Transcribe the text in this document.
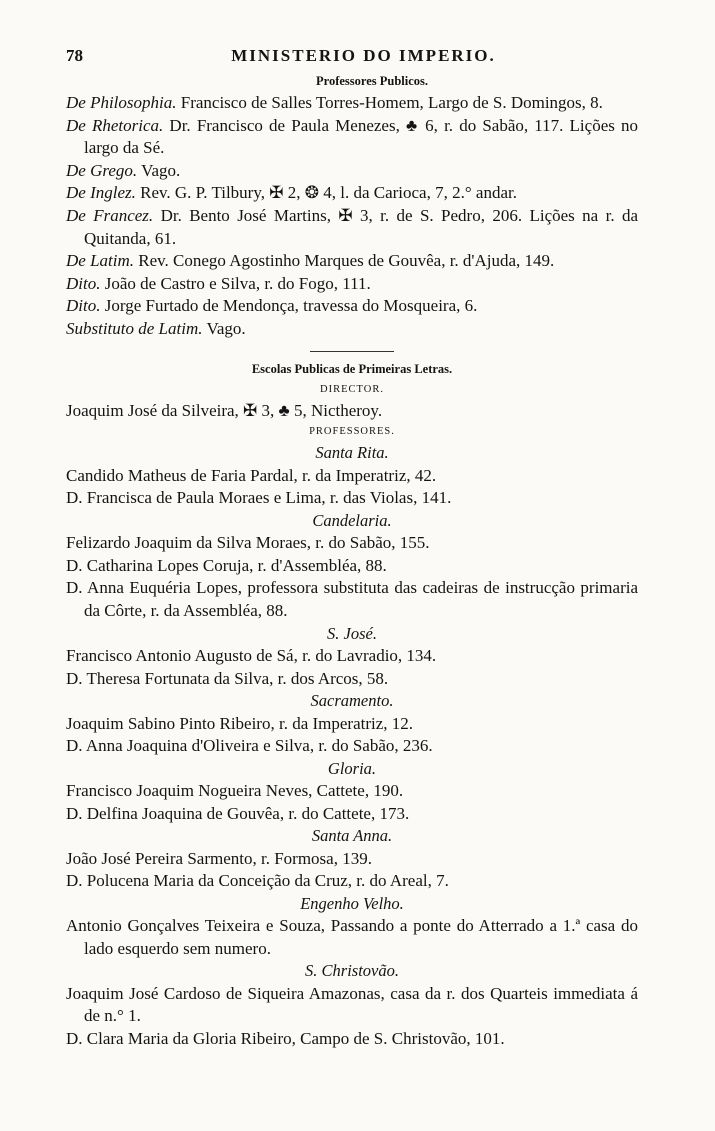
78	MINISTERIO DO IMPERIO.
Professores Publicos.
De Philosophia. Francisco de Salles Torres-Homem, Largo de S. Domingos, 8.
De Rhetorica. Dr. Francisco de Paula Menezes, ♣ 6, r. do Sabão, 117. Lições no largo da Sé.
De Grego. Vago.
De Inglez. Rev. G. P. Tilbury, ✠ 2, ❂ 4, l. da Carioca, 7, 2.° andar.
De Francez. Dr. Bento José Martins, ✠ 3, r. de S. Pedro, 206. Lições na r. da Quitanda, 61.
De Latim. Rev. Conego Agostinho Marques de Gouvêa, r. d'Ajuda, 149.
Dito. João de Castro e Silva, r. do Fogo, 111.
Dito. Jorge Furtado de Mendonça, travessa do Mosqueira, 6.
Substituto de Latim. Vago.
Escolas Publicas de Primeiras Letras.
DIRECTOR.
Joaquim José da Silveira, ✠ 3, ♣ 5, Nictheroy.
PROFESSORES.
Santa Rita.
Candido Matheus de Faria Pardal, r. da Imperatriz, 42.
D. Francisca de Paula Moraes e Lima, r. das Violas, 141.
Candelaria.
Felizardo Joaquim da Silva Moraes, r. do Sabão, 155.
D. Catharina Lopes Coruja, r. d'Assembléa, 88.
D. Anna Euquéria Lopes, professora substituta das cadeiras de instrucção primaria da Côrte, r. da Assembléa, 88.
S. José.
Francisco Antonio Augusto de Sá, r. do Lavradio, 134.
D. Theresa Fortunata da Silva, r. dos Arcos, 58.
Sacramento.
Joaquim Sabino Pinto Ribeiro, r. da Imperatriz, 12.
D. Anna Joaquina d'Oliveira e Silva, r. do Sabão, 236.
Gloria.
Francisco Joaquim Nogueira Neves, Cattete, 190.
D. Delfina Joaquina de Gouvêa, r. do Cattete, 173.
Santa Anna.
João José Pereira Sarmento, r. Formosa, 139.
D. Polucena Maria da Conceição da Cruz, r. do Areal, 7.
Engenho Velho.
Antonio Gonçalves Teixeira e Souza, Passando a ponte do Atterrado a 1.ª casa do lado esquerdo sem numero.
S. Christovão.
Joaquim José Cardoso de Siqueira Amazonas, casa da r. dos Quarteis immediata á de n.° 1.
D. Clara Maria da Gloria Ribeiro, Campo de S. Christovão, 101.
